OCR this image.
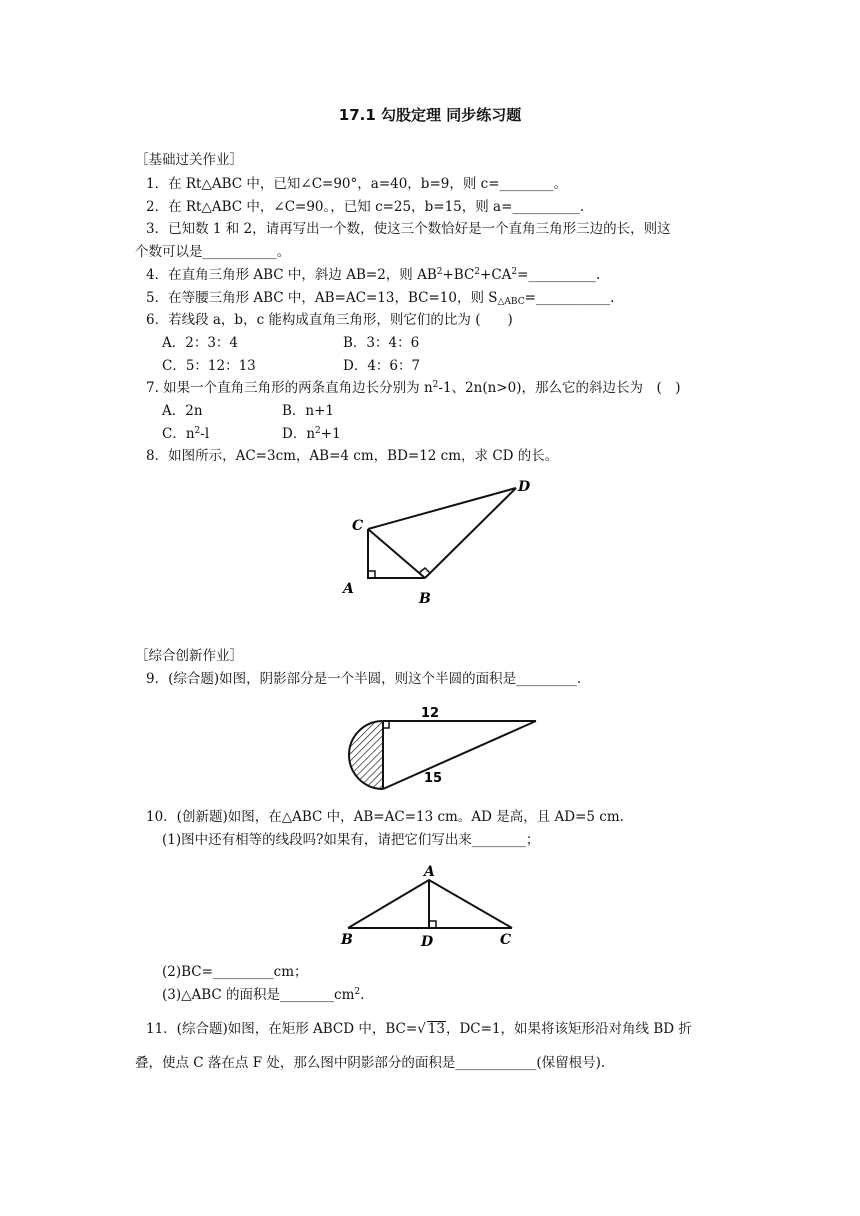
17.1 勾股定理 同步练习题
［基础过关作业］
1．在 Rt△ABC 中，已知∠C=90°，a=40，b=9，则 c=________。
2．在 Rt△ABC 中，∠C=90。，已知 c=25，b=15，则 a=__________.
3．已知数 1 和 2，请再写出一个数，使这三个数恰好是一个直角三角形三边的长，则这
个数可以是___________。
4．在直角三角形 ABC 中，斜边 AB=2，则 $AB^2+BC^2+CA^2=\_\_\_\_\_\_\_\_\_\_$.
5．在等腰三角形 ABC 中，AB=AC=13，BC=10，则 $S_{\triangle ABC}=\_\_\_\_\_\_\_\_\_\_\_$.
6．若线段 a，b，c 能构成直角三角形，则它们的比为 (　　)
A．2：3：4	B．3：4：6
C．5：12：13	D．4：6：7
7. 如果一个直角三角形的两条直角边长分别为 $n^2-1$、2n(n>0)，那么它的斜边长为　(　)
A．2n	B．n+1
C．$n^2-l$	D．$n^2+1$
8．如图所示，AC=3cm，AB=4 cm，BD=12 cm，求 CD 的长。
C
A
B
D
［综合创新作业］
9．(综合题)如图，阴影部分是一个半圆，则这个半圆的面积是_________.
12
15
10．(创新题)如图，在△ABC 中，AB=AC=13 cm。AD 是高，且 AD=5 cm.
(1)图中还有相等的线段吗?如果有，请把它们写出来________；
A
B	D	C
(2)BC=_________cm；
(3)△ABC 的面积是$\_\_\_\_\_\_\_\_cm^2$.
11．(综合题)如图，在矩形 ABCD 中，BC=√ 13，DC=1，如果将该矩形沿对角线 BD 折
叠，使点 C 落在点 F 处，那么图中阴影部分的面积是____________(保留根号).
